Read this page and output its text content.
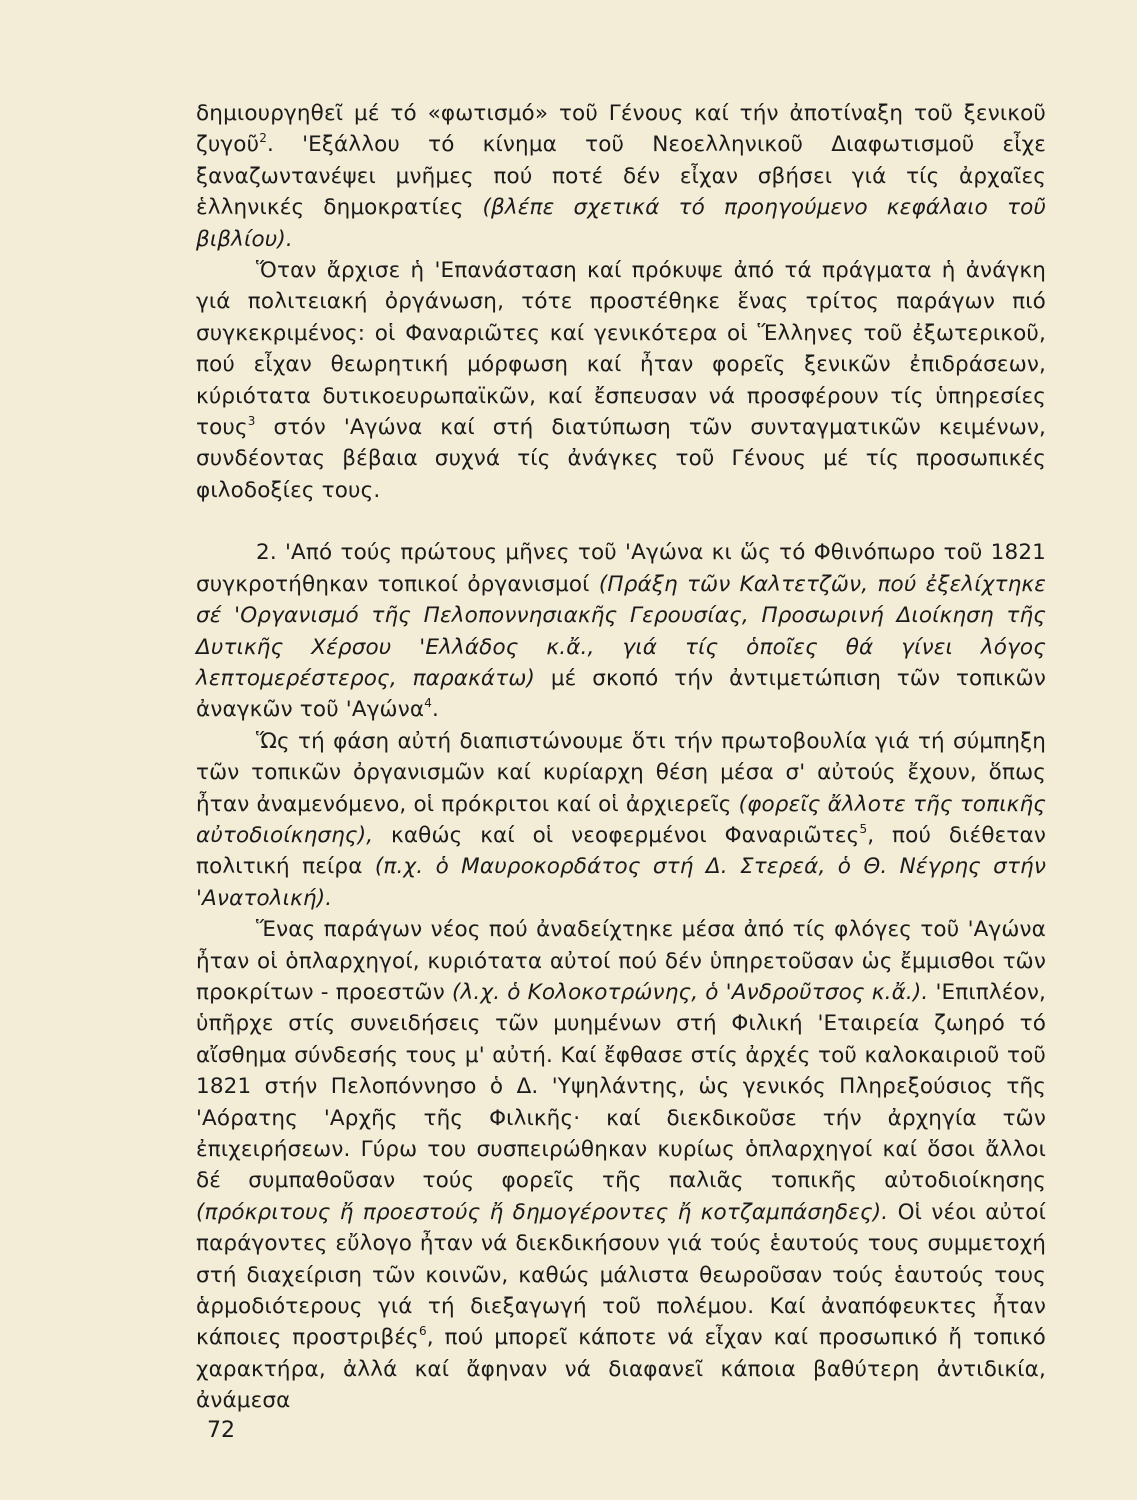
δημιουργηθεῖ μέ τό «φωτισμό» τοῦ Γένους καί τήν ἀποτίναξη τοῦ ξενικοῦ ζυγοῦ$^2$. 'Εξάλλου τό κίνημα τοῦ Νεοελληνικοῦ Διαφωτισμοῦ εἶχε ξαναζωντανέψει μνῆμες πού ποτέ δέν εἶχαν σβήσει γιά τίς ἀρχαῖες ἑλληνικές δημοκρατίες (βλέπε σχετικά τό προηγούμενο κεφάλαιο τοῦ βιβλίου).

Ὅταν ἄρχισε ἡ 'Επανάσταση καί πρόκυψε ἀπό τά πράγματα ἡ ἀνάγκη γιά πολιτειακή ὀργάνωση, τότε προστέθηκε ἕνας τρίτος παράγων πιό συγκεκριμένος: οἱ Φαναριῶτες καί γενικότερα οἱ Ἕλληνες τοῦ ἐξωτερικοῦ, πού εἶχαν θεωρητική μόρφωση καί ἦταν φορεῖς ξενικῶν ἐπιδράσεων, κύριότατα δυτικοευρωπαϊκῶν, καί ἔσπευσαν νά προσφέρουν τίς ὑπηρεσίες τους$^3$ στόν 'Αγώνα καί στή διατύπωση τῶν συνταγματικῶν κειμένων, συνδέοντας βέβαια συχνά τίς ἀνάγκες τοῦ Γένους μέ τίς προσωπικές φιλοδοξίες τους.

2. 'Από τούς πρώτους μῆνες τοῦ 'Αγώνα κι ὥς τό Φθινόπωρο τοῦ 1821 συγκροτήθηκαν τοπικοί ὀργανισμοί (Πράξη τῶν Καλτετζῶν, πού ἐξελίχτηκε σέ 'Οργανισμό τῆς Πελοποννησιακῆς Γερουσίας, Προσωρινή Διοίκηση τῆς Δυτικῆς Χέρσου 'Ελλάδος κ.ἄ., γιά τίς ὁποῖες θά γίνει λόγος λεπτομερέστερος, παρακάτω) μέ σκοπό τήν ἀντιμετώπιση τῶν τοπικῶν ἀναγκῶν τοῦ 'Αγώνα$^4$.

Ὥς τή φάση αὐτή διαπιστώνουμε ὅτι τήν πρωτοβουλία γιά τή σύμπηξη τῶν τοπικῶν ὀργανισμῶν καί κυρίαρχη θέση μέσα σ' αὐτούς ἔχουν, ὅπως ἦταν ἀναμενόμενο, οἱ πρόκριτοι καί οἱ ἀρχιερεῖς (φορεῖς ἄλλοτε τῆς τοπικῆς αὐτοδιοίκησης), καθώς καί οἱ νεοφερμένοι Φαναριῶτες$^5$, πού διέθεταν πολιτική πείρα (π.χ. ὁ Μαυροκορδάτος στή Δ. Στερεά, ὁ Θ. Νέγρης στήν 'Ανατολική).

Ἕνας παράγων νέος πού ἀναδείχτηκε μέσα ἀπό τίς φλόγες τοῦ 'Αγώνα ἦταν οἱ ὁπλαρχηγοί, κυριότατα αὐτοί πού δέν ὑπηρετοῦσαν ὡς ἔμμισθοι τῶν προκρίτων - προεστῶν (λ.χ. ὁ Κολοκοτρώνης, ὁ 'Ανδροῦτσος κ.ἄ.). 'Επιπλέον, ὑπῆρχε στίς συνειδήσεις τῶν μυημένων στή Φιλική 'Εταιρεία ζωηρό τό αἴσθημα σύνδεσής τους μ' αὐτή. Καί ἔφθασε στίς ἀρχές τοῦ καλοκαιριοῦ τοῦ 1821 στήν Πελοπόννησο ὁ Δ. 'Υψηλάντης, ὡς γενικός Πληρεξούσιος τῆς 'Αόρατης 'Αρχῆς τῆς Φιλικῆς· καί διεκδικοῦσε τήν ἀρχηγία τῶν ἐπιχειρήσεων. Γύρω του συσπειρώθηκαν κυρίως ὁπλαρχηγοί καί ὅσοι ἄλλοι δέ συμπαθοῦσαν τούς φορεῖς τῆς παλιᾶς τοπικῆς αὐτοδιοίκησης (πρόκριτους ἤ προεστούς ἤ δημογέροντες ἤ κοτζαμπάσηδες). Οἱ νέοι αὐτοί παράγοντες εὔλογο ἦταν νά διεκδικήσουν γιά τούς ἑαυτούς τους συμμετοχή στή διαχείριση τῶν κοινῶν, καθώς μάλιστα θεωροῦσαν τούς ἑαυτούς τους ἁρμοδιότερους γιά τή διεξαγωγή τοῦ πολέμου. Καί ἀναπόφευκτες ἦταν κάποιες προστριβές$^6$, πού μπορεῖ κάποτε νά εἶχαν καί προσωπικό ἤ τοπικό χαρακτήρα, ἀλλά καί ἄφηναν νά διαφανεῖ κάποια βαθύτερη ἀντιδικία, ἀνάμεσα

72
